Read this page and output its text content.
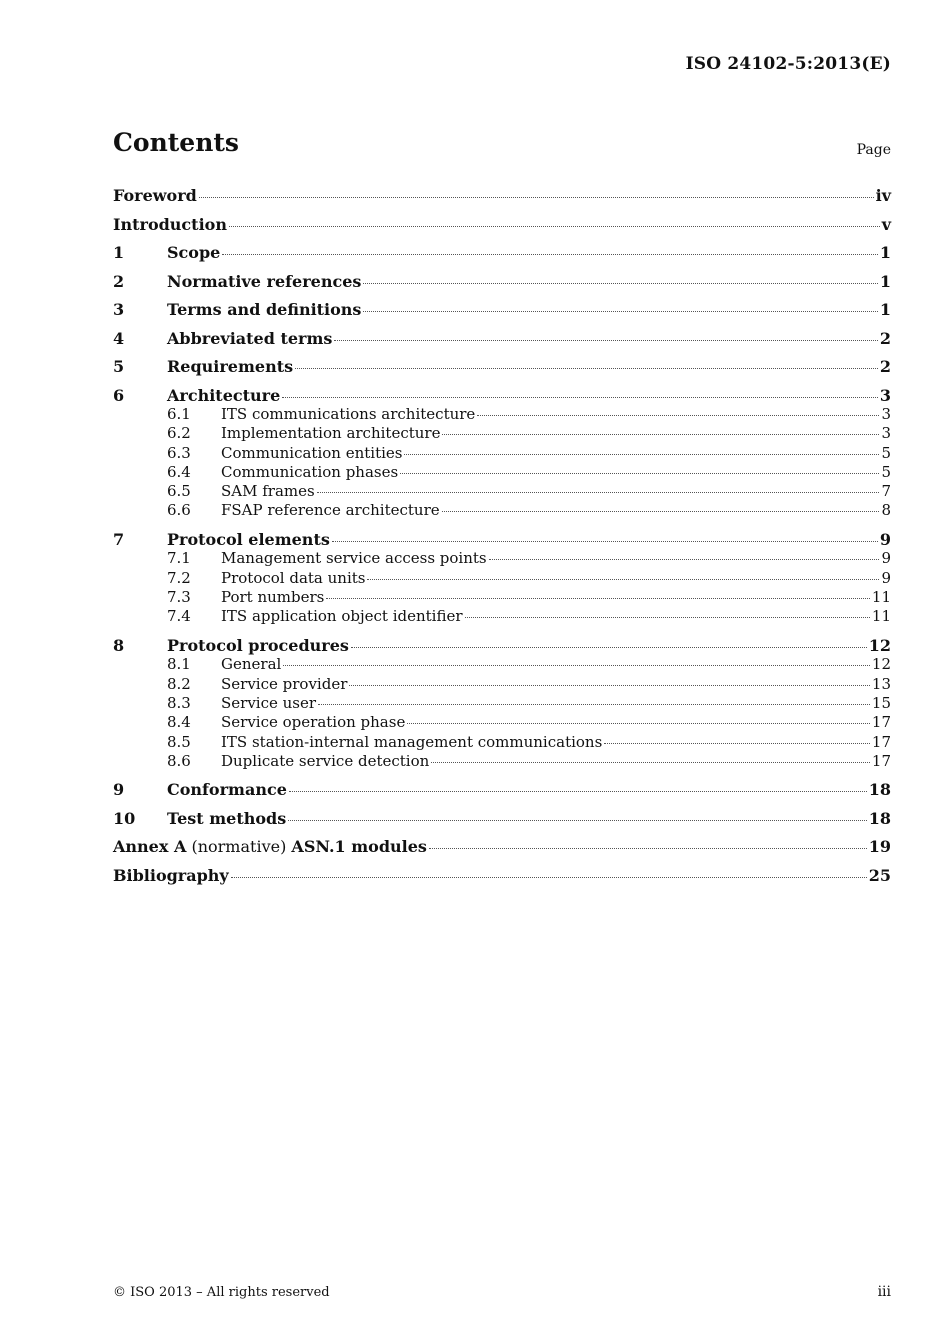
ISO 24102-5:2013(E)
Contents	Page
Foreword	iv
Introduction	v
1	Scope	1
2	Normative references	1
3	Terms and definitions	1
4	Abbreviated terms	2
5	Requirements	2
6	Architecture	3
6.1	ITS communications architecture	3
6.2	Implementation architecture	3
6.3	Communication entities	5
6.4	Communication phases	5
6.5	SAM frames	7
6.6	FSAP reference architecture	8
7	Protocol elements	9
7.1	Management service access points	9
7.2	Protocol data units	9
7.3	Port numbers	11
7.4	ITS application object identifier	11
8	Protocol procedures	12
8.1	General	12
8.2	Service provider	13
8.3	Service user	15
8.4	Service operation phase	17
8.5	ITS station-internal management communications	17
8.6	Duplicate service detection	17
9	Conformance	18
10	Test methods	18
Annex A (normative) ASN.1 modules	19
Bibliography	25
© ISO 2013 – All rights reserved	iii
